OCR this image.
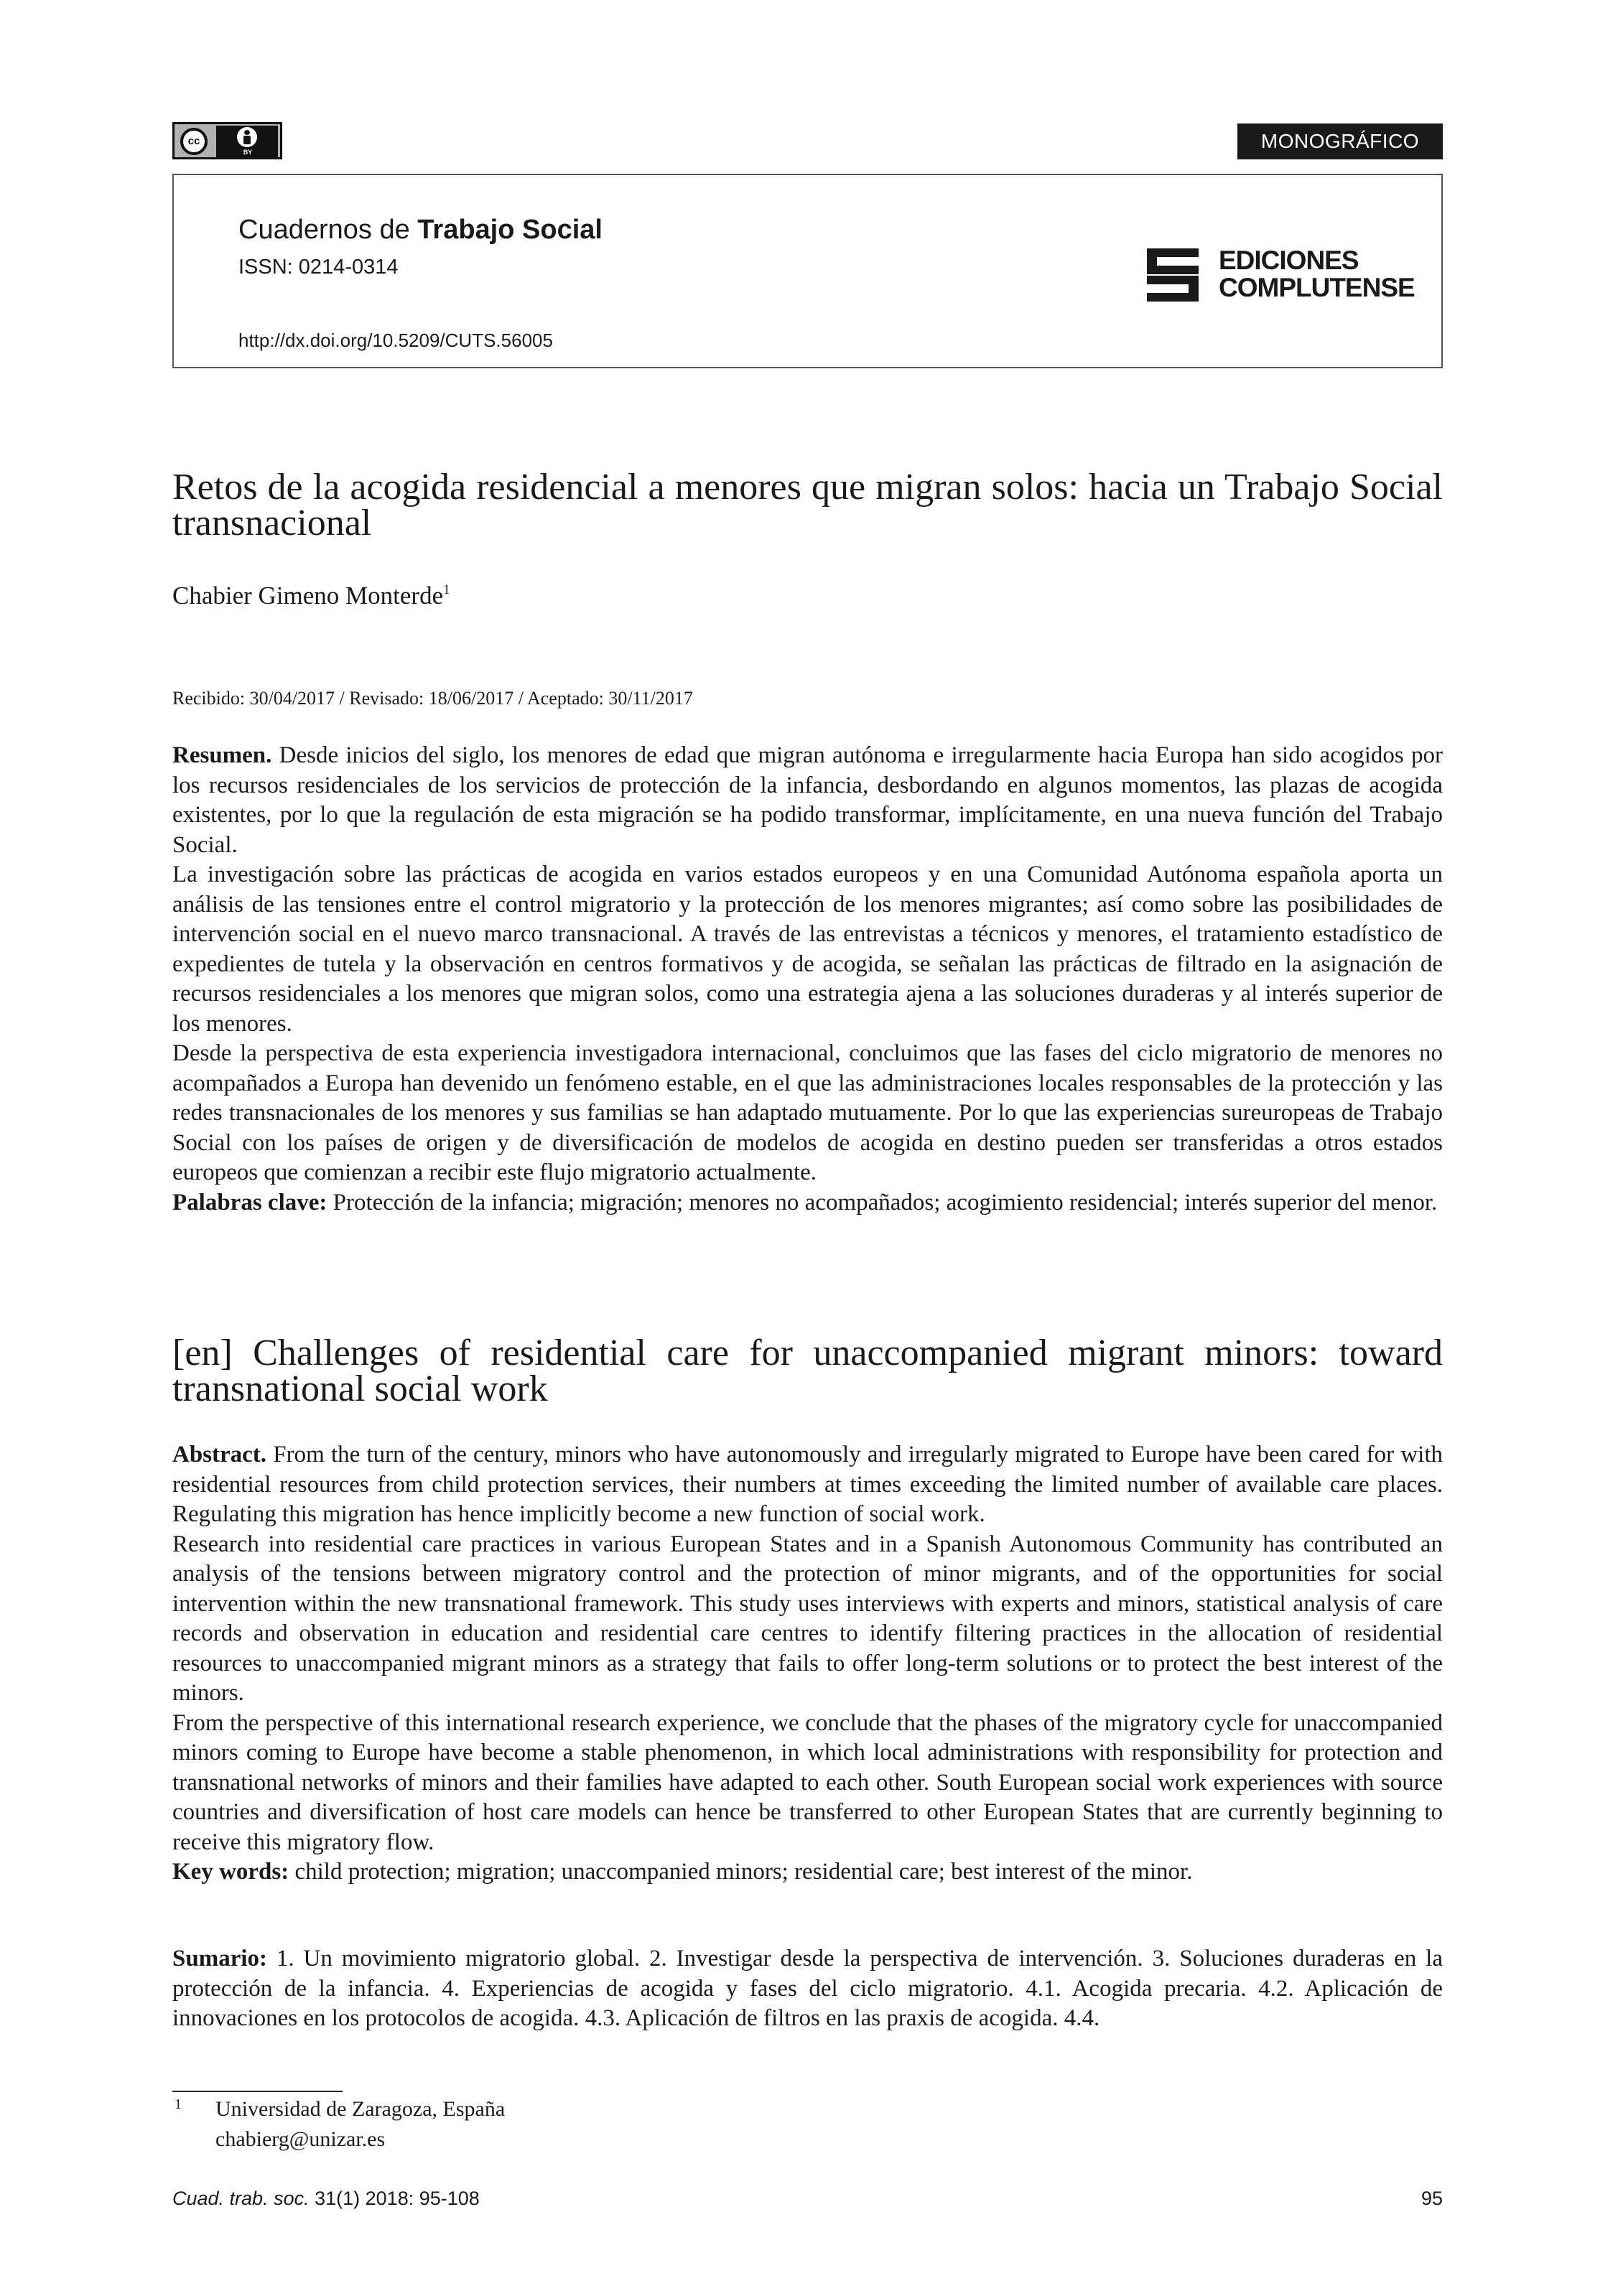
cc
BY	MONOGRÁFICO
Cuadernos de Trabajo Social
ISSN: 0214-0314
http://dx.doi.org/10.5209/CUTS.56005
EDICIONES
COMPLUTENSE
Retos de la acogida residencial a menores que migran solos: hacia un Trabajo Social transnacional
Chabier Gimeno Monterde$^1$
Recibido: 30/04/2017 / Revisado: 18/06/2017 / Aceptado: 30/11/2017

Resumen. Desde inicios del siglo, los menores de edad que migran autónoma e irregularmente hacia Europa han sido acogidos por los recursos residenciales de los servicios de protección de la infancia, desbordando en algunos momentos, las plazas de acogida existentes, por lo que la regulación de esta migración se ha podido transformar, implícitamente, en una nueva función del Trabajo Social.

La investigación sobre las prácticas de acogida en varios estados europeos y en una Comunidad Autónoma española aporta un análisis de las tensiones entre el control migratorio y la protección de los menores migrantes; así como sobre las posibilidades de intervención social en el nuevo marco transnacional. A través de las entrevistas a técnicos y menores, el tratamiento estadístico de expedientes de tutela y la observación en centros formativos y de acogida, se señalan las prácticas de filtrado en la asignación de recursos residenciales a los menores que migran solos, como una estrategia ajena a las soluciones duraderas y al interés superior de los menores.

Desde la perspectiva de esta experiencia investigadora internacional, concluimos que las fases del ciclo migratorio de menores no acompañados a Europa han devenido un fenómeno estable, en el que las administraciones locales responsables de la protección y las redes transnacionales de los menores y sus familias se han adaptado mutuamente. Por lo que las experiencias sureuropeas de Trabajo Social con los países de origen y de diversificación de modelos de acogida en destino pueden ser transferidas a otros estados europeos que comienzan a recibir este flujo migratorio actualmente.

Palabras clave: Protección de la infancia; migración; menores no acompañados; acogimiento residencial; interés superior del menor.

[en] Challenges of residential care for unaccompanied migrant minors: toward transnational social work

Abstract. From the turn of the century, minors who have autonomously and irregularly migrated to Europe have been cared for with residential resources from child protection services, their numbers at times exceeding the limited number of available care places. Regulating this migration has hence implicitly become a new function of social work.

Research into residential care practices in various European States and in a Spanish Autonomous Community has contributed an analysis of the tensions between migratory control and the protection of minor migrants, and of the opportunities for social intervention within the new transnational framework. This study uses interviews with experts and minors, statistical analysis of care records and observation in education and residential care centres to identify filtering practices in the allocation of residential resources to unaccompanied migrant minors as a strategy that fails to offer long-term solutions or to protect the best interest of the minors.

From the perspective of this international research experience, we conclude that the phases of the migratory cycle for unaccompanied minors coming to Europe have become a stable phenomenon, in which local administrations with responsibility for protection and transnational networks of minors and their families have adapted to each other. South European social work experiences with source countries and diversification of host care models can hence be transferred to other European States that are currently beginning to receive this migratory flow.

Key words: child protection; migration; unaccompanied minors; residential care; best interest of the minor.

Sumario: 1. Un movimiento migratorio global. 2. Investigar desde la perspectiva de intervención. 3. Soluciones duraderas en la protección de la infancia. 4. Experiencias de acogida y fases del ciclo migratorio. 4.1. Acogida precaria. 4.2. Aplicación de innovaciones en los protocolos de acogida. 4.3. Aplicación de filtros en las praxis de acogida. 4.4.

1 Universidad de Zaragoza, España
chabierg@unizar.es
Cuad. trab. soc. 31(1) 2018: 95-108	95
